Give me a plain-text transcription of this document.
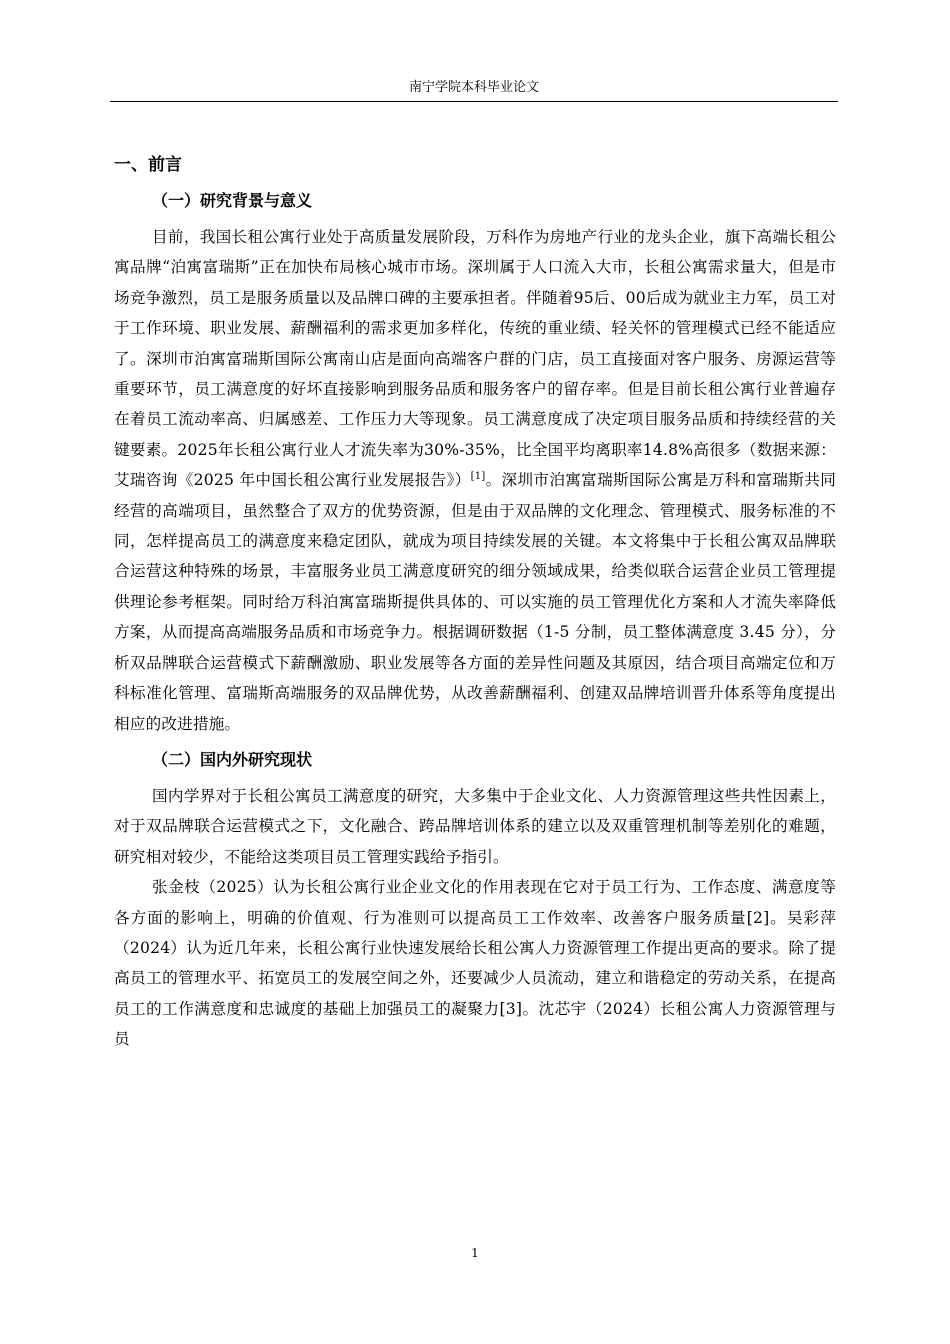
南宁学院本科毕业论文
一、前言
（一）研究背景与意义

目前，我国长租公寓行业处于高质量发展阶段，万科作为房地产行业的龙头企业，旗下高端长租公寓品牌“泊寓富瑞斯”正在加快布局核心城市市场。深圳属于人口流入大市，长租公寓需求量大，但是市场竞争激烈，员工是服务质量以及品牌口碑的主要承担者。伴随着95后、00后成为就业主力军，员工对于工作环境、职业发展、薪酬福利的需求更加多样化，传统的重业绩、轻关怀的管理模式已经不能适应了。深圳市泊寓富瑞斯国际公寓南山店是面向高端客户群的门店，员工直接面对客户服务、房源运营等重要环节，员工满意度的好坏直接影响到服务品质和服务客户的留存率。但是目前长租公寓行业普遍存在着员工流动率高、归属感差、工作压力大等现象。员工满意度成了决定项目服务品质和持续经营的关键要素。2025年长租公寓行业人才流失率为30%-35%，比全国平均离职率14.8%高很多（数据来源：艾瑞咨询《2025 年中国长租公寓行业发展报告》）[1]。深圳市泊寓富瑞斯国际公寓是万科和富瑞斯共同经营的高端项目，虽然整合了双方的优势资源，但是由于双品牌的文化理念、管理模式、服务标准的不同，怎样提高员工的满意度来稳定团队，就成为项目持续发展的关键。本文将集中于长租公寓双品牌联合运营这种特殊的场景，丰富服务业员工满意度研究的细分领域成果，给类似联合运营企业员工管理提供理论参考框架。同时给万科泊寓富瑞斯提供具体的、可以实施的员工管理优化方案和人才流失率降低方案，从而提高高端服务品质和市场竞争力。根据调研数据（1-5 分制，员工整体满意度 3.45 分），分析双品牌联合运营模式下薪酬激励、职业发展等各方面的差异性问题及其原因，结合项目高端定位和万科标准化管理、富瑞斯高端服务的双品牌优势，从改善薪酬福利、创建双品牌培训晋升体系等角度提出相应的改进措施。

（二）国内外研究现状

国内学界对于长租公寓员工满意度的研究，大多集中于企业文化、人力资源管理这些共性因素上，对于双品牌联合运营模式之下，文化融合、跨品牌培训体系的建立以及双重管理机制等差别化的难题，研究相对较少，不能给这类项目员工管理实践给予指引。

张金枝（2025）认为长租公寓行业企业文化的作用表现在它对于员工行为、工作态度、满意度等各方面的影响上，明确的价值观、行为准则可以提高员工工作效率、改善客户服务质量[2]。吴彩萍（2024）认为近几年来，长租公寓行业快速发展给长租公寓人力资源管理工作提出更高的要求。除了提高员工的管理水平、拓宽员工的发展空间之外，还要减少人员流动，建立和谐稳定的劳动关系，在提高员工的工作满意度和忠诚度的基础上加强员工的凝聚力[3]。沈芯宇（2024）长租公寓人力资源管理与员

1
